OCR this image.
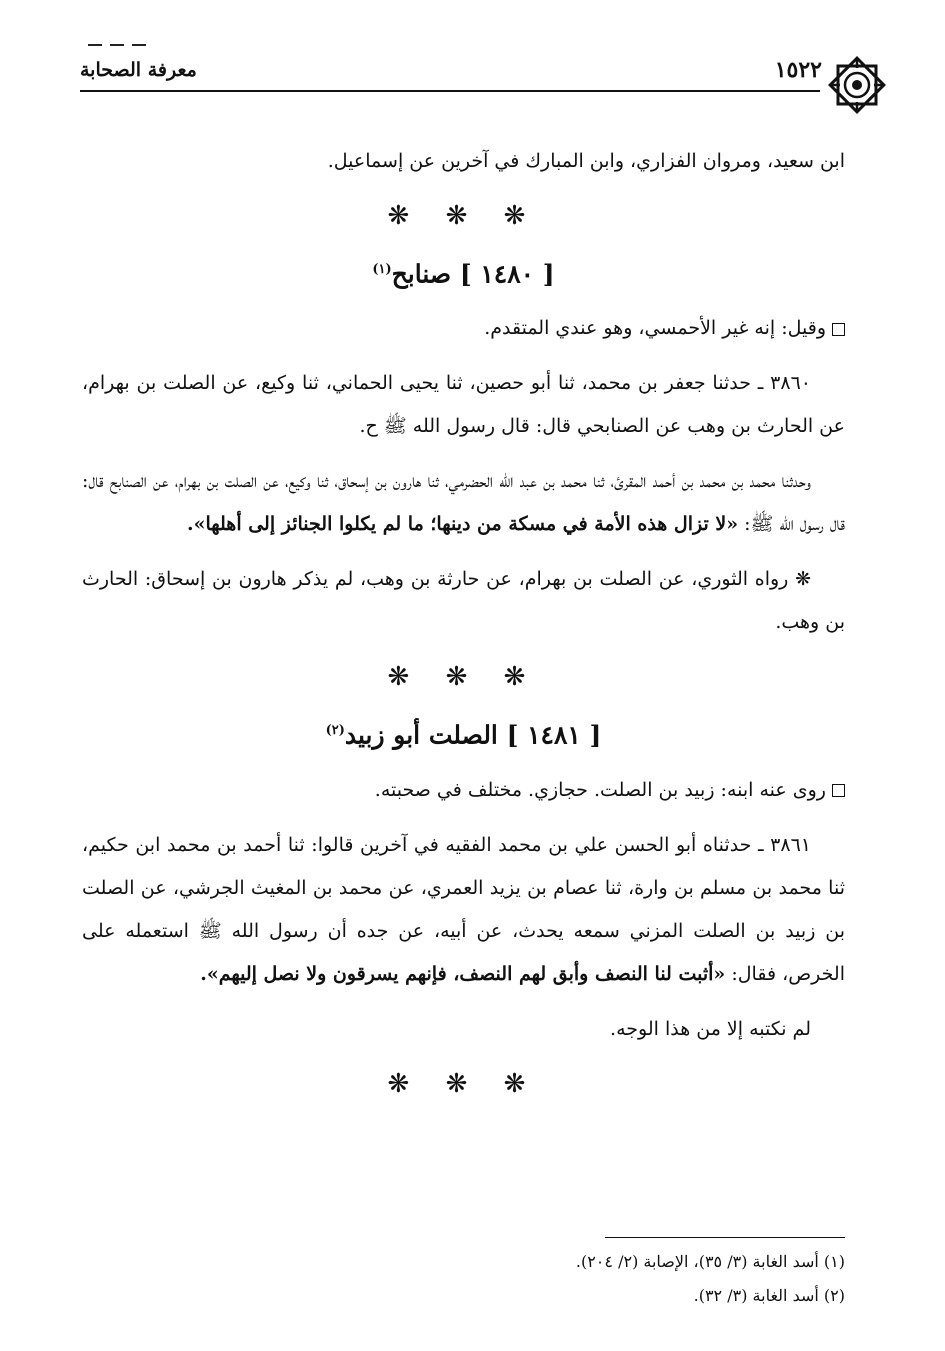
معرفة الصحابة	١٥٢٢

ابن سعيد، ومروان الفزاري، وابن المبارك في آخرين عن إسماعيل.

❋ ❋ ❋
[ ١٤٨٠ ] صنابح$^{(١)}$

وقيل: إنه غير الأحمسي، وهو عندي المتقدم.

٣٨٦٠ ـ حدثنا جعفر بن محمد، ثنا أبو حصين، ثنا يحيى الحماني، ثنا وكيع، عن الصلت بن بهرام، عن الحارث بن وهب عن الصنابحي قال: قال رسول الله ﷺ ح.

وحدثنا محمد بن محمد بن أحمد المقرئ، ثنا محمد بن عبد الله الحضرمي، ثنا هارون بن إسحاق، ثنا وكيع، عن الصلت بن بهرام، عن الصنابح قال: قال رسول الله ﷺ: «لا تزال هذه الأمة في مسكة من دينها؛ ما لم يكلوا الجنائز إلى أهلها».

❋ رواه الثوري، عن الصلت بن بهرام، عن حارثة بن وهب، لم يذكر هارون بن إسحاق: الحارث بن وهب.

❋ ❋ ❋
[ ١٤٨١ ] الصلت أبو زبيد$^{(٢)}$

روى عنه ابنه: زبيد بن الصلت. حجازي. مختلف في صحبته.

٣٨٦١ ـ حدثناه أبو الحسن علي بن محمد الفقيه في آخرين قالوا: ثنا أحمد بن محمد ابن حكيم، ثنا محمد بن مسلم بن وارة، ثنا عصام بن يزيد العمري، عن محمد بن المغيث الجرشي، عن الصلت بن زبيد بن الصلت المزني سمعه يحدث، عن أبيه، عن جده أن رسول الله ﷺ استعمله على الخرص، فقال: «أثبت لنا النصف وأبق لهم النصف، فإنهم يسرقون ولا نصل إليهم».

لم نكتبه إلا من هذا الوجه.

❋ ❋ ❋
(١) أسد الغابة (٣/ ٣٥)، الإصابة (٢/ ٢٠٤).
(٢) أسد الغابة (٣/ ٣٢).
